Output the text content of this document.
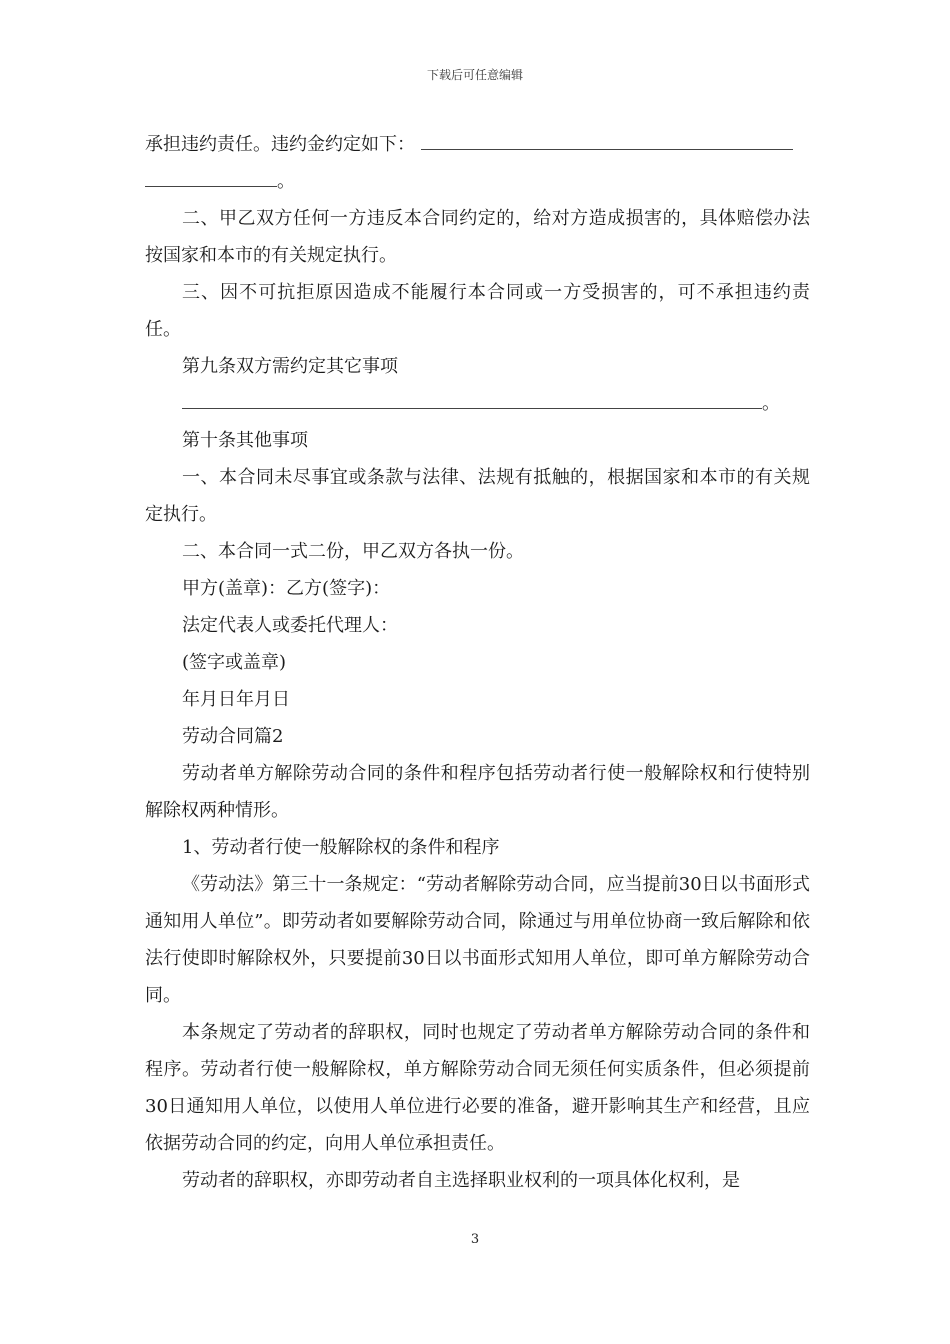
下载后可任意编辑

承担违约责任。违约金约定如下：
。

二、甲乙双方任何一方违反本合同约定的，给对方造成损害的，具体赔偿办法按国家和本市的有关规定执行。

三、因不可抗拒原因造成不能履行本合同或一方受损害的，可不承担违约责任。

第九条双方需约定其它事项

。

第十条其他事项

一、本合同未尽事宜或条款与法律、法规有抵触的，根据国家和本市的有关规定执行。

二、本合同一式二份，甲乙双方各执一份。

甲方(盖章)：乙方(签字)：

法定代表人或委托代理人：

(签字或盖章)

年月日年月日

劳动合同篇2

劳动者单方解除劳动合同的条件和程序包括劳动者行使一般解除权和行使特别解除权两种情形。

1、劳动者行使一般解除权的条件和程序

《劳动法》第三十一条规定：“劳动者解除劳动合同，应当提前30日以书面形式通知用人单位”。即劳动者如要解除劳动合同，除通过与用单位协商一致后解除和依法行使即时解除权外，只要提前30日以书面形式知用人单位，即可单方解除劳动合同。

本条规定了劳动者的辞职权，同时也规定了劳动者单方解除劳动合同的条件和程序。劳动者行使一般解除权，单方解除劳动合同无须任何实质条件，但必须提前30日通知用人单位，以使用人单位进行必要的准备，避开影响其生产和经营，且应依据劳动合同的约定，向用人单位承担责任。

劳动者的辞职权，亦即劳动者自主选择职业权利的一项具体化权利，是

3
